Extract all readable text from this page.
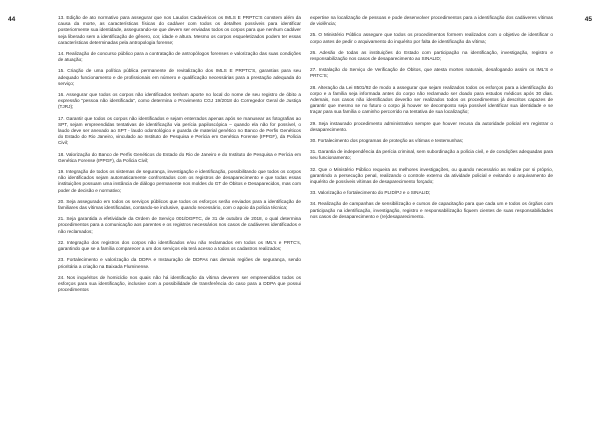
44	13. Edição de ato normativo para assegurar que nos Laudos Cadavéricos os IMLS E PRPTC'S constem além da causa da morte, as características físicas do cadáver com todos os detalhes possíveis para identificar posteriormente sua identidade, assegurando-se que devem ser enviadas todos os corpos para que nenhum cadáver seja liberado sem a identificação de gênero, cor, idade e altura. Mesmo os corpos esqueletizados podem ter essas características determinadas pela antropologia forense;

14. Realização de concurso público para a contratação de antropólogos forenses e valorização das suas condições de atuação;

15. Criação de uma política pública permanente de revitalização dos IMLS E PRPTC'S, garantias para seu adequado funcionamento e de profissionais em número e qualificação necessárias para a prestação adequada do serviço;

16. Assegurar que todos os corpos não identificados tenham aporte no local do nome de seu registro de óbito a expressão "pessoa não identificada", como determina o Provimento CGJ 19/2018 do Corregedor Geral de Justiça (TJRJ);

17. Garantir que todos os corpos não identificados e sejam enterrados apenas após se manusear as fotografias ao SPT, sejam empreendidas tentativas de identificação via perícia papiloscópica – quando ela não for possível, o laudo deve ser anexado ao SPT - laudo odontológico e guarda de material genético no Banco de Perfis Genéticos do Estado do Rio Janeiro, vinculado ao Instituto de Pesquisa e Perícia em Genética Forense (IPPGF), da Polícia Civil;

18. Valorização do Banco de Perfis Genéticos do Estado do Rio de Janeiro e do Instituto de Pesquisa e Perícia em Genética Forense (IPPGF), da Polícia Civil;

19. Integração de todos os sistemas de segurança, investigação e identificação, possibilitando que todos os corpos não identificados sejam automaticamente confrontados com os registros de desaparecimento e que todas essas instituições possuam uma instância de diálogo permanente nos moldes do GT de Óbitos e Desaparecidos, mas com poder de decisão e normativo;

20. Seja assegurado em todos os serviços públicos que todos os esforços serão enviados para a identificação de familiares das vítimas identificadas, contando-se inclusive, quando necessário, com o apoio da polícia técnica;

21. Seja garantida a efetividade da Ordem de Serviço 001/DGPTC, de 31 de outubro de 2018, o qual determina procedimentos para a comunicação aos parentes e os registros necessários nos casos de cadáveres identificados e não reclamados;

22. Integração dos registros dos corpos não identificados e/ou não reclamados em todos os IML's e PRTC's, garantindo que se a família comparecer a um dos serviços ela terá acesso a todos os cadastros realizados;

23. Fortalecimento e valorização da DDPA e Instauração de DDPAs nas demais regiões de segurança, sendo prioritária a criação na Baixada Fluminense.

24. Nos inquéritos de homicídio nos quais não há identificação da vítima deverem ser empreendidos todos os esforços para sua identificação, inclusive com a possibilidade de transferência do caso para a DDPA que possui procedimentos

45

expertise na localização de pessoas e pode desenvolver procedimentos para a identificação dos cadáveres vítimas de violência;

25. O Ministério Público assegure que todos os procedimentos formem realizados com o objetivo de identificar o corpo antes de pedir o arquivamento do inquérito por falta de identificação da vítima;

26. Adesão de todas as instituições do Estado com participação na identificação, investigação, registro e responsabilização nos casos de desaparecimento ao SINALID;

27. Instalação do Serviço de Verificação de Óbitos, que atesta mortes naturais, desafogando assim os IML'S e PRTC'S;

28. Alteração da Lei 8501/92 de modo a assegurar que sejam realizados todos os esforços para a identificação do corpo e a família seja informada antes do corpo não reclamado ser doado para estudos médicos após 30 dias. Ademais, nos casos não identificados deverão ser realizados todos os procedimentos já descritos capazes de garantir que mesmo se no futuro o corpo já houver se decomposto seja possível identificar sua identidade e se traçar para sua família o caminho percorrido na tentativa de sua localização;

29. Seja instaurado procedimento administrativo sempre que houver recusa da autoridade policial em registrar o desaparecimento.

30. Fortalecimento dos programas de proteção as vítimas e testemunhas;

31. Garantia de independência da perícia criminal, sem subordinação a polícia civil, e de condições adequadas para seu funcionamento;

32. Que o Ministério Público requeira as melhores investigações, ou quando necessário as realize por si próprio, garantindo a persecução penal, realizando o controle externo da atividade policial e evitando o arquivamento de inquérito de possíveis vítimas de desaparecimento forçado;

33. Valorização e fortalecimento do PLID/PJ e o SINALID;

34. Realização de campanhas de sensibilização e cursos de capacitação para que cada um e todos os órgãos com participação na identificação, investigação, registro e responsabilização fiquem cientes de suas responsabilidades nos casos de desaparecimento e (re)desaparecimento.
